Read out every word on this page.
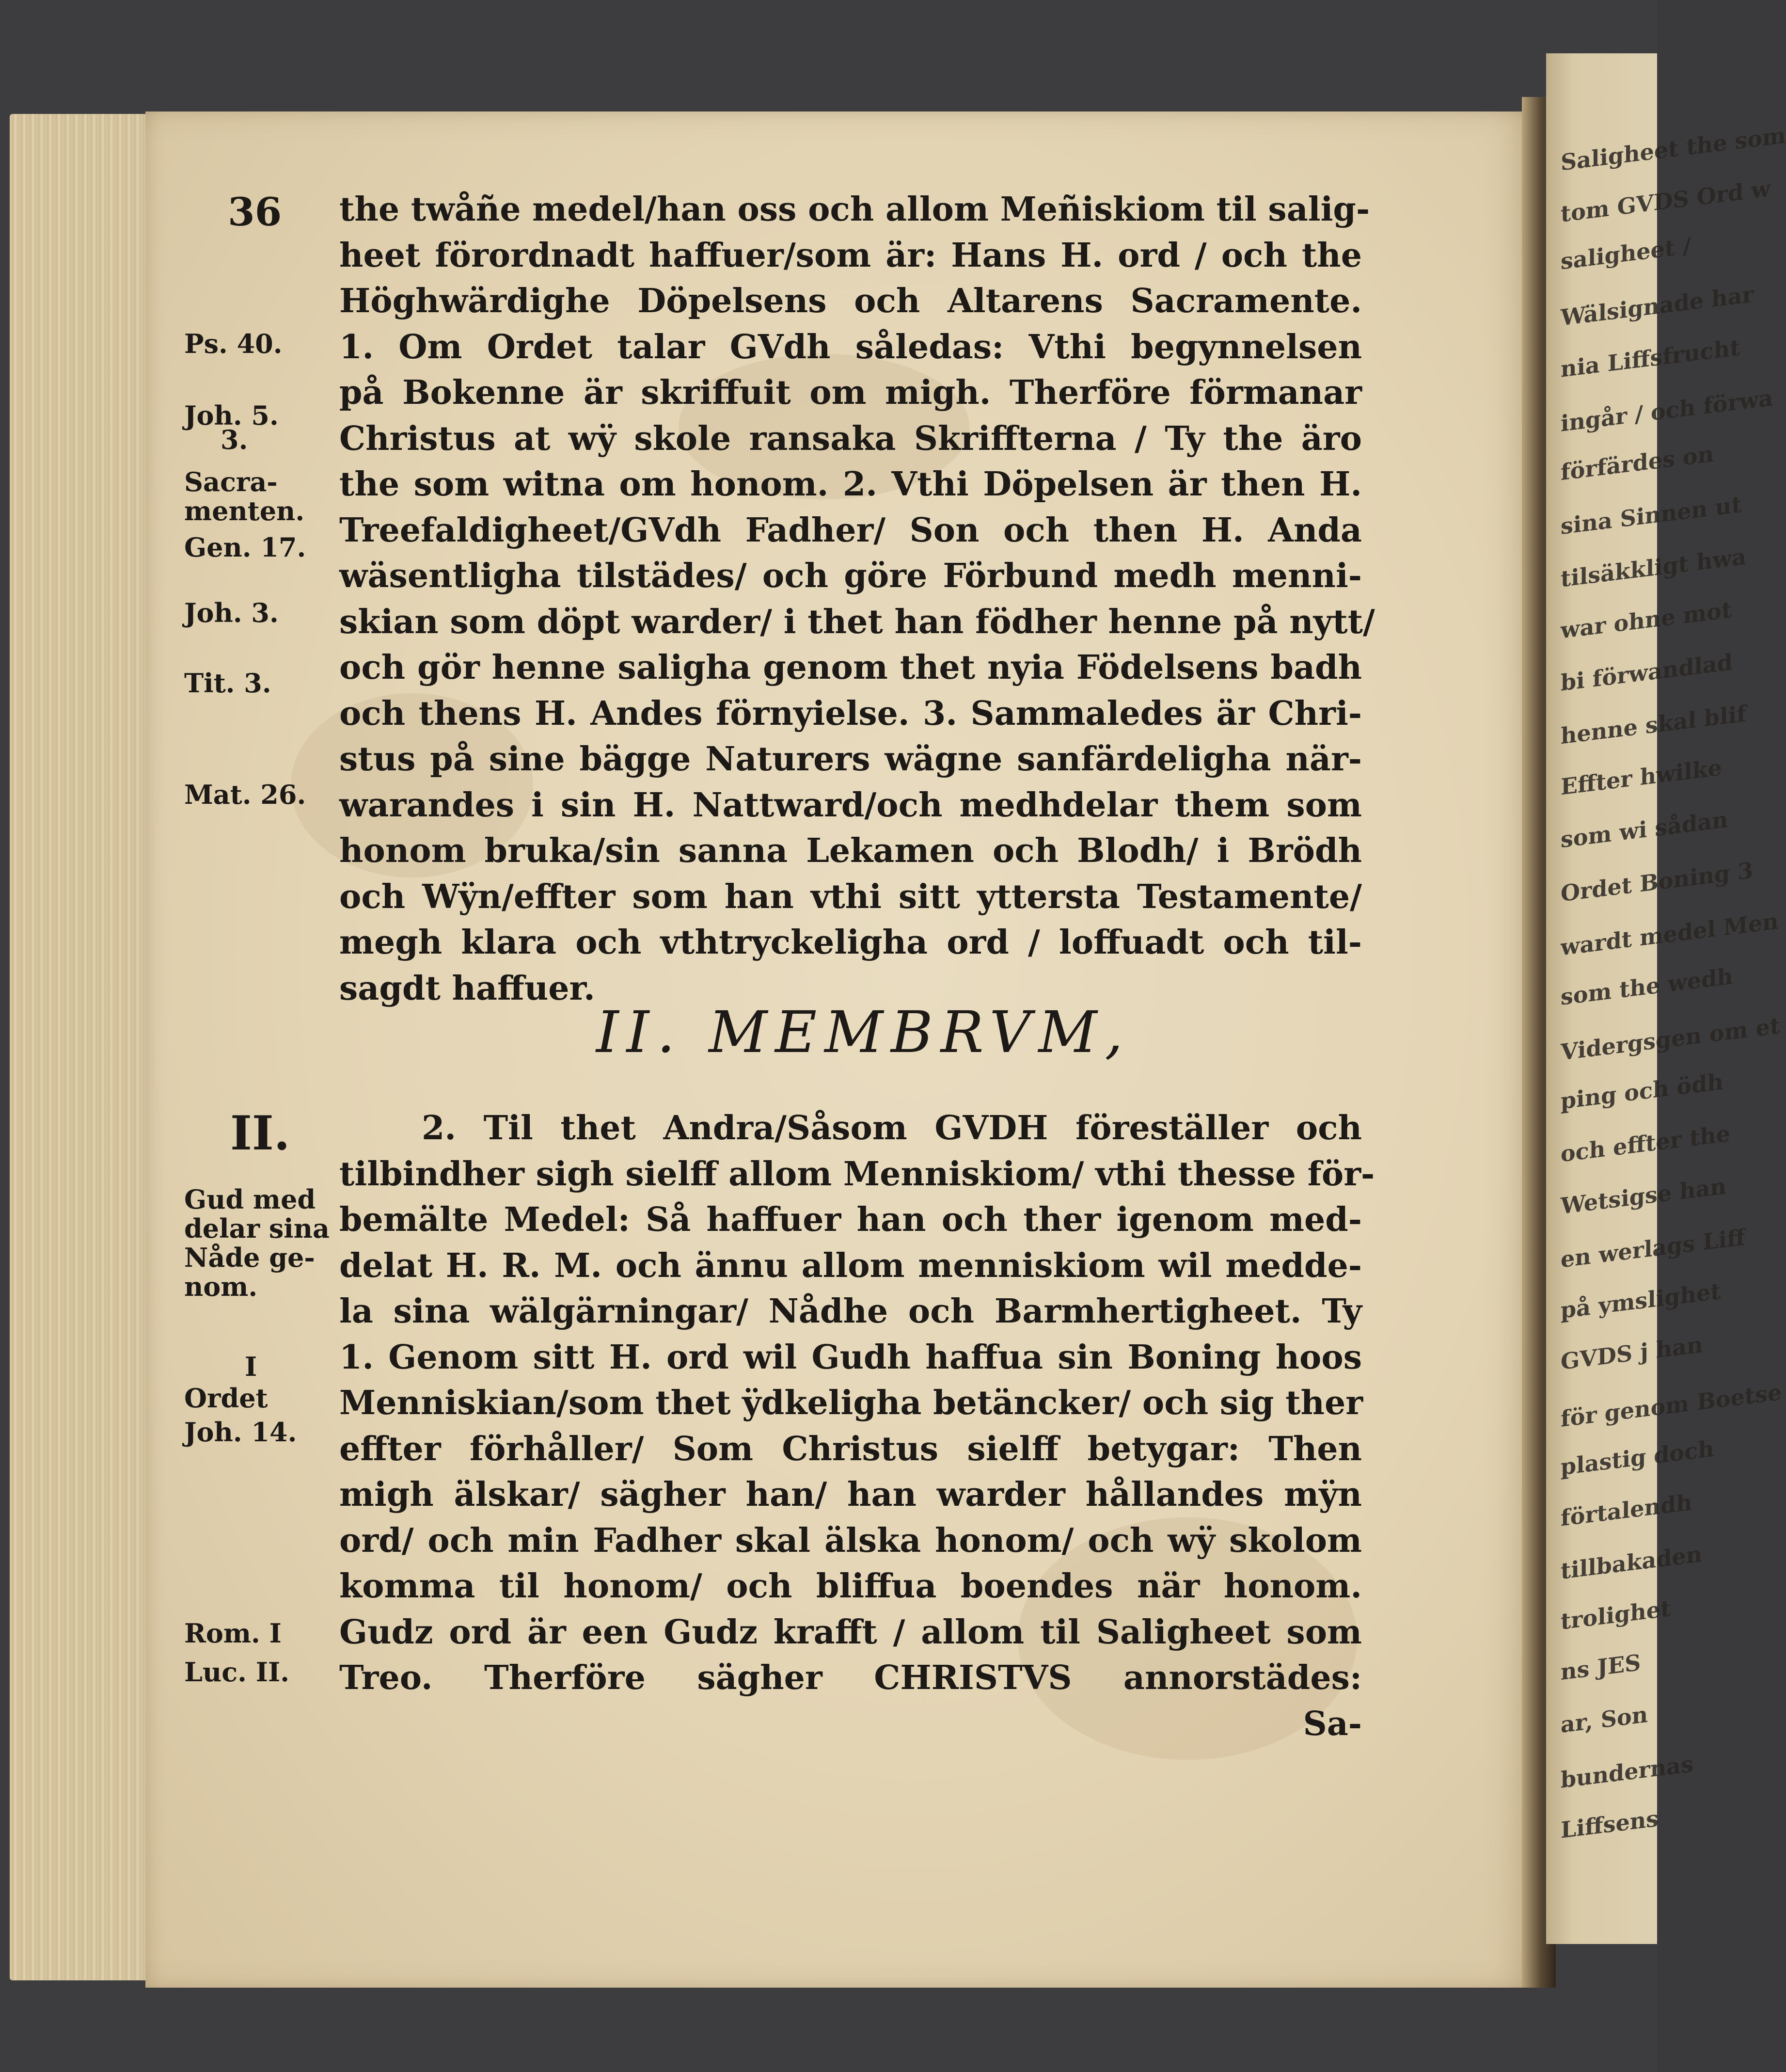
Saligheet the som
tom GVDS Ord w
saligheet /
Wälsignade har
nia Liffsfrucht
ingår / och förwa
förfärdes on
sina Sinnen ut
tilsäkkligt hwa
war ohne mot
bi förwandlad
henne skal blif
Effter hwilke
som wi sådan
Ordet Boning 3
wardt medel Men
som the wedh
Vidergsgen om et
ping och ödh
och effter the
Wetsigse han
en werlags Liff
på ymslighet
GVDS j han
för genom Boetse
plastig doch
förtalendh
tillbakaden
trolighet
ns JES
ar, Son
bundernas
Liffsens
36
Ps. 40.
Joh. 5.
3.
Sacra-
menten.
Gen. 17.
Joh. 3.
Tit. 3.
Mat. 26.
II.
Gud med
delar sina
Nåde ge-
nom.
I
Ordet
Joh. 14.
Rom. I
Luc. II.
the twåñe medel/han oss och allom Meñiskiom til salig-
heet förordnadt haffuer/som är: Hans H. ord / och the
Höghwärdighe Döpelsens och Altarens Sacramente.
1. Om Ordet talar GVdh såledas: Vthi begynnelsen
på Bokenne är skriffuit om migh. Therföre förmanar
Christus at wÿ skole ransaka Skriffterna / Ty the äro
the som witna om honom. 2. Vthi Döpelsen är then H.
Treefaldigheet/GVdh Fadher/ Son och then H. Anda
wäsentligha tilstädes/ och göre Förbund medh menni-
skian som döpt warder/ i thet han födher henne på nytt/
och gör henne saligha genom thet nyia Födelsens badh
och thens H. Andes förnyielse. 3. Sammaledes är Chri-
stus på sine bägge Naturers wägne sanfärdeligha när-
warandes i sin H. Nattward/och medhdelar them som
honom bruka/sin sanna Lekamen och Blodh/ i Brödh
och Wÿn/effter som han vthi sitt yttersta Testamente/
megh klara och vthtryckeligha ord / loffuadt och til-
sagdt haffuer.
II. MEMBRVM,
2. Til thet Andra/Såsom GVDH föreställer och
tilbindher sigh sielff allom Menniskiom/ vthi thesse för-
bemälte Medel: Så haffuer han och ther igenom med-
delat H. R. M. och ännu allom menniskiom wil medde-
la sina wälgärningar/ Nådhe och Barmhertigheet. Ty
1. Genom sitt H. ord wil Gudh haffua sin Boning hoos
Menniskian/som thet ÿdkeligha betäncker/ och sig ther
effter förhåller/ Som Christus sielff betygar: Then
migh älskar/ sägher han/ han warder hållandes mÿn
ord/ och min Fadher skal älska honom/ och wÿ skolom
komma til honom/ och bliffua boendes när honom.
Gudz ord är een Gudz krafft / allom til Saligheet som
Treo. Therföre sägher CHRISTVS annorstädes:
Sa-
